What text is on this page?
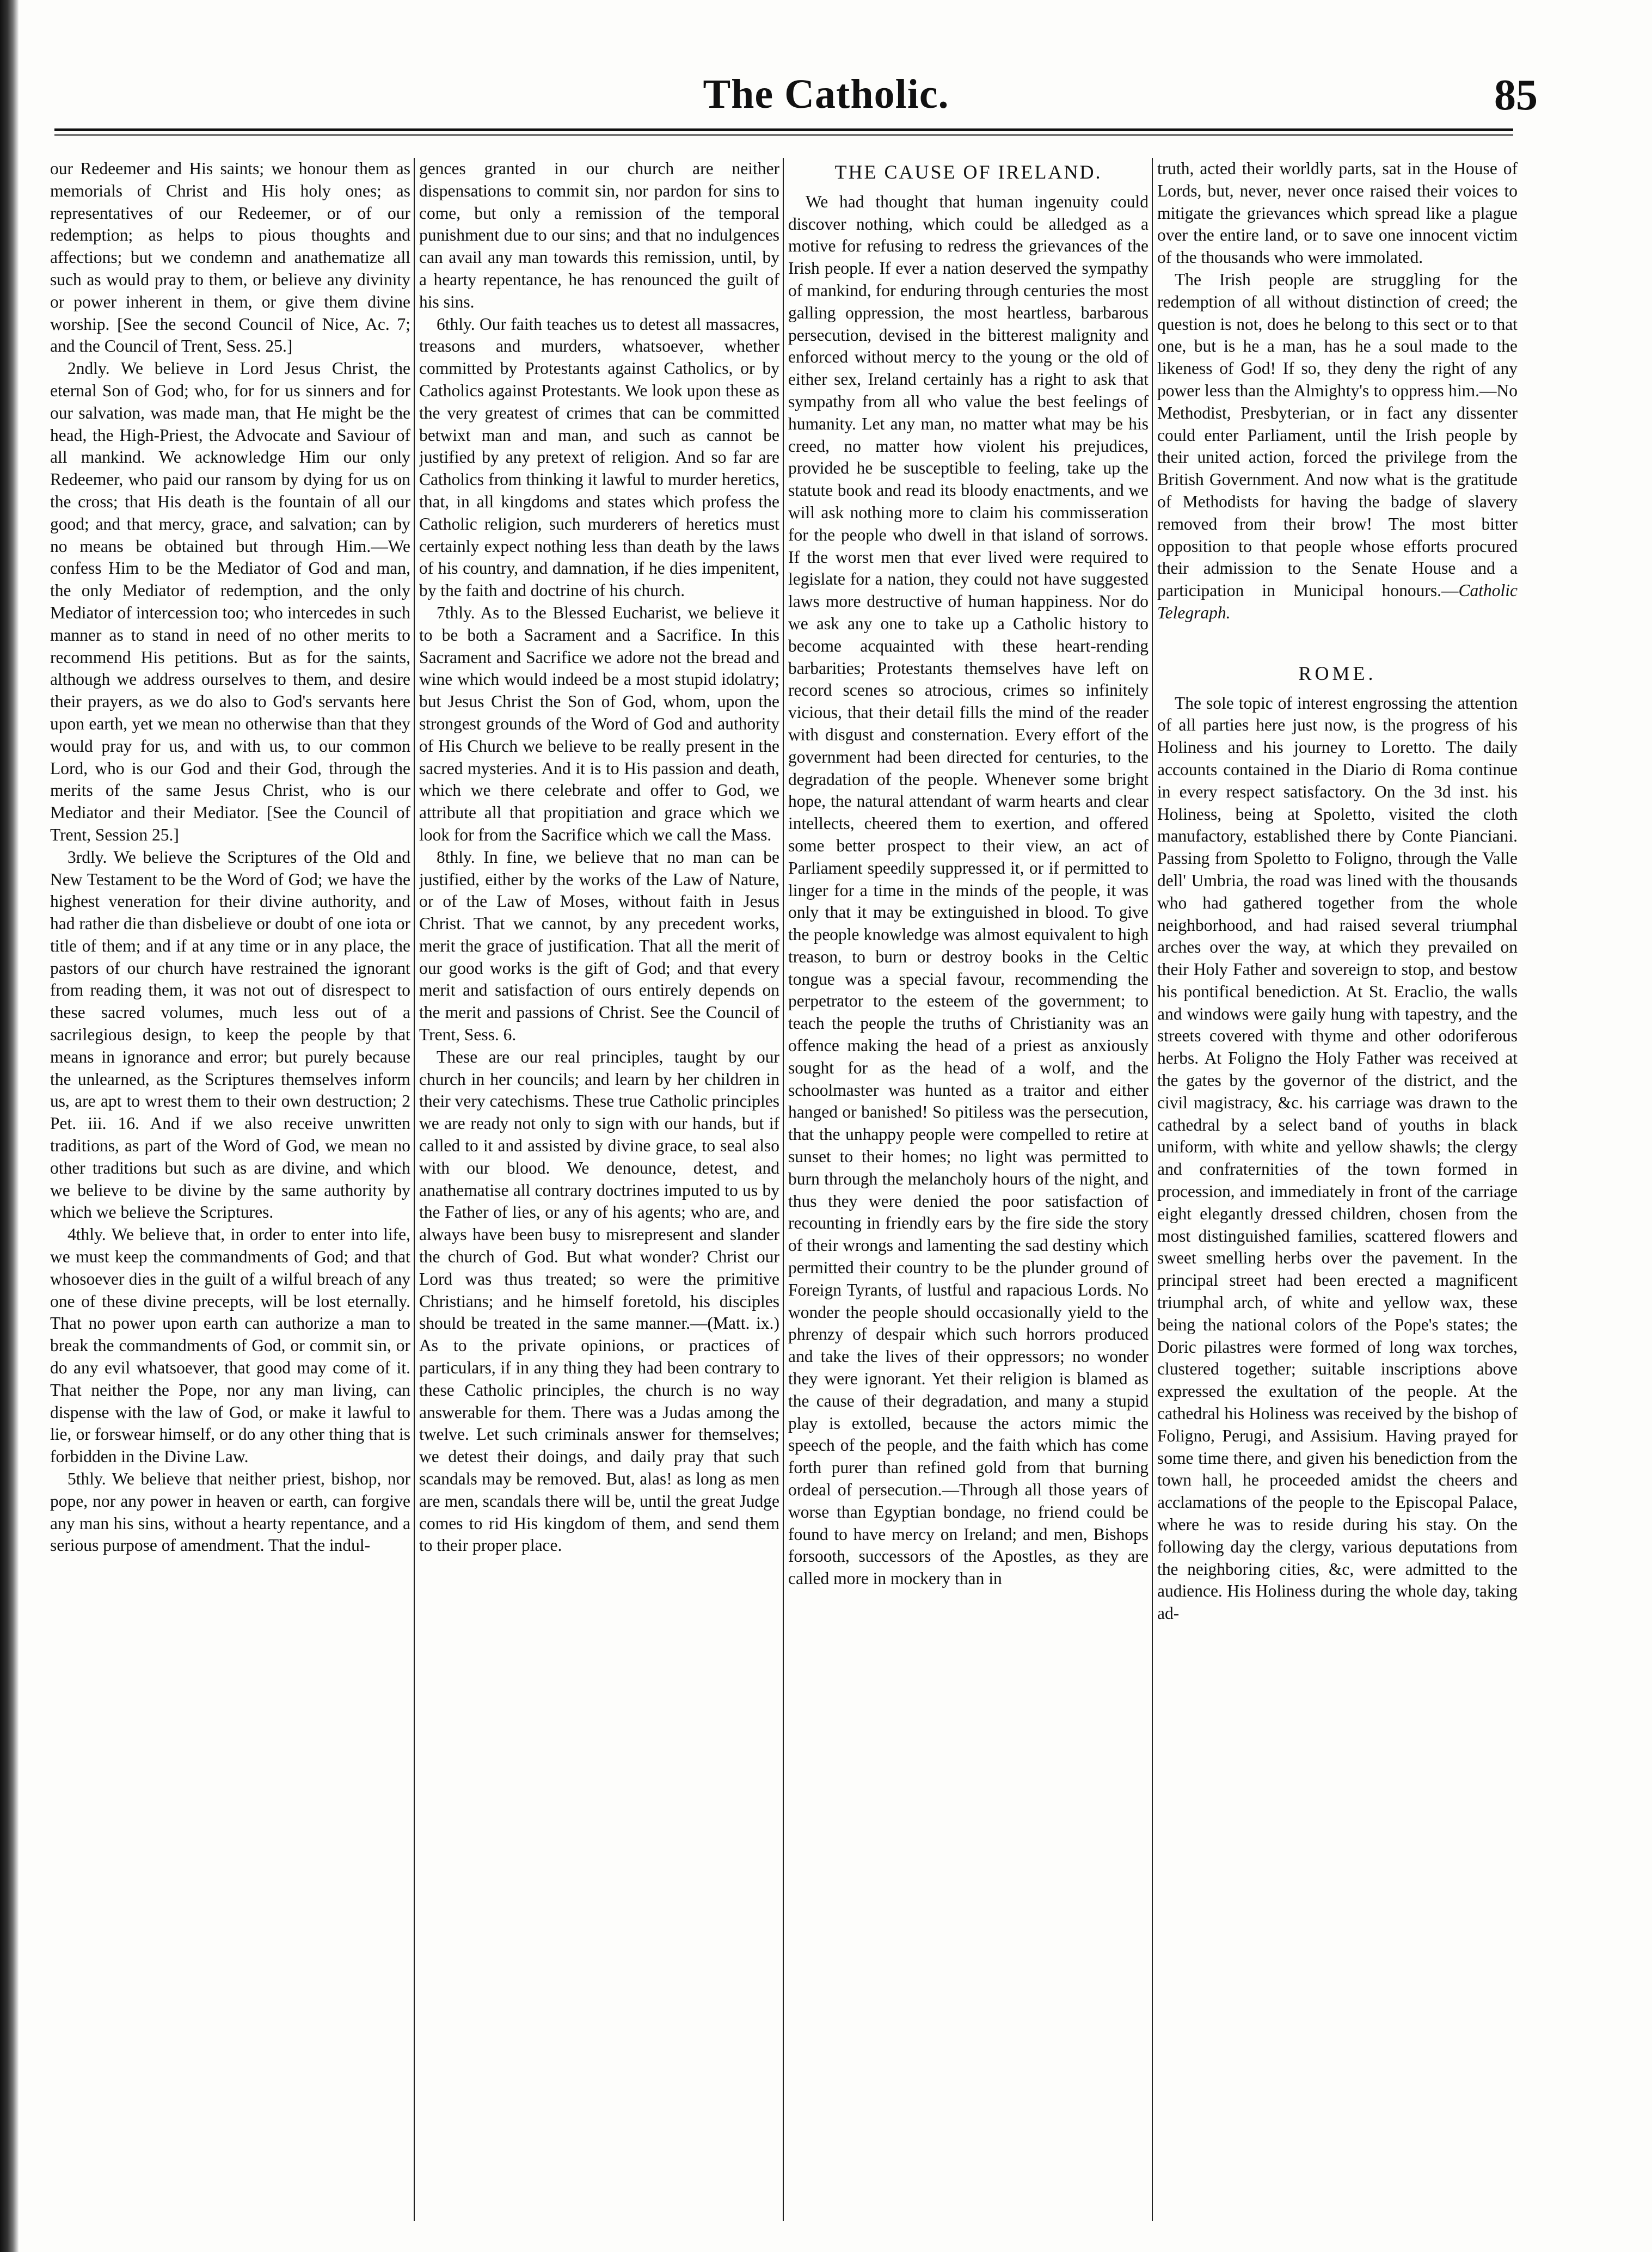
The Catholic.	85

our Redeemer and His saints; we honour them as memorials of Christ and His holy ones; as representatives of our Redeemer, or of our redemption; as helps to pious thoughts and affections; but we condemn and anathematize all such as would pray to them, or believe any divinity or power inherent in them, or give them divine worship. [See the second Council of Nice, Ac. 7; and the Council of Trent, Sess. 25.]

2ndly. We believe in Lord Jesus Christ, the eternal Son of God; who, for for us sinners and for our salvation, was made man, that He might be the head, the High-Priest, the Advocate and Saviour of all mankind. We acknowledge Him our only Redeemer, who paid our ransom by dying for us on the cross; that His death is the fountain of all our good; and that mercy, grace, and salvation; can by no means be obtained but through Him.—We confess Him to be the Mediator of God and man, the only Mediator of redemption, and the only Mediator of intercession too; who intercedes in such manner as to stand in need of no other merits to recommend His petitions. But as for the saints, although we address ourselves to them, and desire their prayers, as we do also to God's servants here upon earth, yet we mean no otherwise than that they would pray for us, and with us, to our common Lord, who is our God and their God, through the merits of the same Jesus Christ, who is our Mediator and their Mediator. [See the Council of Trent, Session 25.]

3rdly. We believe the Scriptures of the Old and New Testament to be the Word of God; we have the highest veneration for their divine authority, and had rather die than disbelieve or doubt of one iota or title of them; and if at any time or in any place, the pastors of our church have restrained the ignorant from reading them, it was not out of disrespect to these sacred volumes, much less out of a sacrilegious design, to keep the people by that means in ignorance and error; but purely because the unlearned, as the Scriptures themselves inform us, are apt to wrest them to their own destruction; 2 Pet. iii. 16. And if we also receive unwritten traditions, as part of the Word of God, we mean no other traditions but such as are divine, and which we believe to be divine by the same authority by which we believe the Scriptures.

4thly. We believe that, in order to enter into life, we must keep the commandments of God; and that whosoever dies in the guilt of a wilful breach of any one of these divine precepts, will be lost eternally. That no power upon earth can authorize a man to break the commandments of God, or commit sin, or do any evil whatsoever, that good may come of it. That neither the Pope, nor any man living, can dispense with the law of God, or make it lawful to lie, or forswear himself, or do any other thing that is forbidden in the Divine Law.

5thly. We believe that neither priest, bishop, nor pope, nor any power in heaven or earth, can forgive any man his sins, without a hearty repentance, and a serious purpose of amendment. That the indul-

gences granted in our church are neither dispensations to commit sin, nor pardon for sins to come, but only a remission of the temporal punishment due to our sins; and that no indulgences can avail any man towards this remission, until, by a hearty repentance, he has renounced the guilt of his sins.

6thly. Our faith teaches us to detest all massacres, treasons and murders, whatsoever, whether committed by Protestants against Catholics, or by Catholics against Protestants. We look upon these as the very greatest of crimes that can be committed betwixt man and man, and such as cannot be justified by any pretext of religion. And so far are Catholics from thinking it lawful to murder heretics, that, in all kingdoms and states which profess the Catholic religion, such murderers of heretics must certainly expect nothing less than death by the laws of his country, and damnation, if he dies impenitent, by the faith and doctrine of his church.

7thly. As to the Blessed Eucharist, we believe it to be both a Sacrament and a Sacrifice. In this Sacrament and Sacrifice we adore not the bread and wine which would indeed be a most stupid idolatry; but Jesus Christ the Son of God, whom, upon the strongest grounds of the Word of God and authority of His Church we believe to be really present in the sacred mysteries. And it is to His passion and death, which we there celebrate and offer to God, we attribute all that propitiation and grace which we look for from the Sacrifice which we call the Mass.

8thly. In fine, we believe that no man can be justified, either by the works of the Law of Nature, or of the Law of Moses, without faith in Jesus Christ. That we cannot, by any precedent works, merit the grace of justification. That all the merit of our good works is the gift of God; and that every merit and satisfaction of ours entirely depends on the merit and passions of Christ. See the Council of Trent, Sess. 6.

These are our real principles, taught by our church in her councils; and learn by her children in their very catechisms. These true Catholic principles we are ready not only to sign with our hands, but if called to it and assisted by divine grace, to seal also with our blood. We denounce, detest, and anathematise all contrary doctrines imputed to us by the Father of lies, or any of his agents; who are, and always have been busy to misrepresent and slander the church of God. But what wonder? Christ our Lord was thus treated; so were the primitive Christians; and he himself foretold, his disciples should be treated in the same manner.—(Matt. ix.) As to the private opinions, or practices of particulars, if in any thing they had been contrary to these Catholic principles, the church is no way answerable for them. There was a Judas among the twelve. Let such criminals answer for themselves; we detest their doings, and daily pray that such scandals may be removed. But, alas! as long as men are men, scandals there will be, until the great Judge comes to rid His kingdom of them, and send them to their proper place.

THE CAUSE OF IRELAND.

We had thought that human ingenuity could discover nothing, which could be alledged as a motive for refusing to redress the grievances of the Irish people. If ever a nation deserved the sympathy of mankind, for enduring through centuries the most galling oppression, the most heartless, barbarous persecution, devised in the bitterest malignity and enforced without mercy to the young or the old of either sex, Ireland certainly has a right to ask that sympathy from all who value the best feelings of humanity. Let any man, no matter what may be his creed, no matter how violent his prejudices, provided he be susceptible to feeling, take up the statute book and read its bloody enactments, and we will ask nothing more to claim his commisseration for the people who dwell in that island of sorrows. If the worst men that ever lived were required to legislate for a nation, they could not have suggested laws more destructive of human happiness. Nor do we ask any one to take up a Catholic history to become acquainted with these heart-rending barbarities; Protestants themselves have left on record scenes so atrocious, crimes so infinitely vicious, that their detail fills the mind of the reader with disgust and consternation. Every effort of the government had been directed for centuries, to the degradation of the people. Whenever some bright hope, the natural attendant of warm hearts and clear intellects, cheered them to exertion, and offered some better prospect to their view, an act of Parliament speedily suppressed it, or if permitted to linger for a time in the minds of the people, it was only that it may be extinguished in blood. To give the people knowledge was almost equivalent to high treason, to burn or destroy books in the Celtic tongue was a special favour, recommending the perpetrator to the esteem of the government; to teach the people the truths of Christianity was an offence making the head of a priest as anxiously sought for as the head of a wolf, and the schoolmaster was hunted as a traitor and either hanged or banished! So pitiless was the persecution, that the unhappy people were compelled to retire at sunset to their homes; no light was permitted to burn through the melancholy hours of the night, and thus they were denied the poor satisfaction of recounting in friendly ears by the fire side the story of their wrongs and lamenting the sad destiny which permitted their country to be the plunder ground of Foreign Tyrants, of lustful and rapacious Lords. No wonder the people should occasionally yield to the phrenzy of despair which such horrors produced and take the lives of their oppressors; no wonder they were ignorant. Yet their religion is blamed as the cause of their degradation, and many a stupid play is extolled, because the actors mimic the speech of the people, and the faith which has come forth purer than refined gold from that burning ordeal of persecution.—Through all those years of worse than Egyptian bondage, no friend could be found to have mercy on Ireland; and men, Bishops forsooth, successors of the Apostles, as they are called more in mockery than in

truth, acted their worldly parts, sat in the House of Lords, but, never, never once raised their voices to mitigate the grievances which spread like a plague over the entire land, or to save one innocent victim of the thousands who were immolated.

The Irish people are struggling for the redemption of all without distinction of creed; the question is not, does he belong to this sect or to that one, but is he a man, has he a soul made to the likeness of God! If so, they deny the right of any power less than the Almighty's to oppress him.—No Methodist, Presbyterian, or in fact any dissenter could enter Parliament, until the Irish people by their united action, forced the privilege from the British Government. And now what is the gratitude of Methodists for having the badge of slavery removed from their brow! The most bitter opposition to that people whose efforts procured their admission to the Senate House and a participation in Municipal honours.—Catholic Telegraph.

ROME.

The sole topic of interest engrossing the attention of all parties here just now, is the progress of his Holiness and his journey to Loretto. The daily accounts contained in the Diario di Roma continue in every respect satisfactory. On the 3d inst. his Holiness, being at Spoletto, visited the cloth manufactory, established there by Conte Pianciani. Passing from Spoletto to Foligno, through the Valle dell' Umbria, the road was lined with the thousands who had gathered together from the whole neighborhood, and had raised several triumphal arches over the way, at which they prevailed on their Holy Father and sovereign to stop, and bestow his pontifical benediction. At St. Eraclio, the walls and windows were gaily hung with tapestry, and the streets covered with thyme and other odoriferous herbs. At Foligno the Holy Father was received at the gates by the governor of the district, and the civil magistracy, &c. his carriage was drawn to the cathedral by a select band of youths in black uniform, with white and yellow shawls; the clergy and confraternities of the town formed in procession, and immediately in front of the carriage eight elegantly dressed children, chosen from the most distinguished families, scattered flowers and sweet smelling herbs over the pavement. In the principal street had been erected a magnificent triumphal arch, of white and yellow wax, these being the national colors of the Pope's states; the Doric pilastres were formed of long wax torches, clustered together; suitable inscriptions above expressed the exultation of the people. At the cathedral his Holiness was received by the bishop of Foligno, Perugi, and Assisium. Having prayed for some time there, and given his benediction from the town hall, he proceeded amidst the cheers and acclamations of the people to the Episcopal Palace, where he was to reside during his stay. On the following day the clergy, various deputations from the neighboring cities, &c, were admitted to the audience. His Holiness during the whole day, taking ad-
